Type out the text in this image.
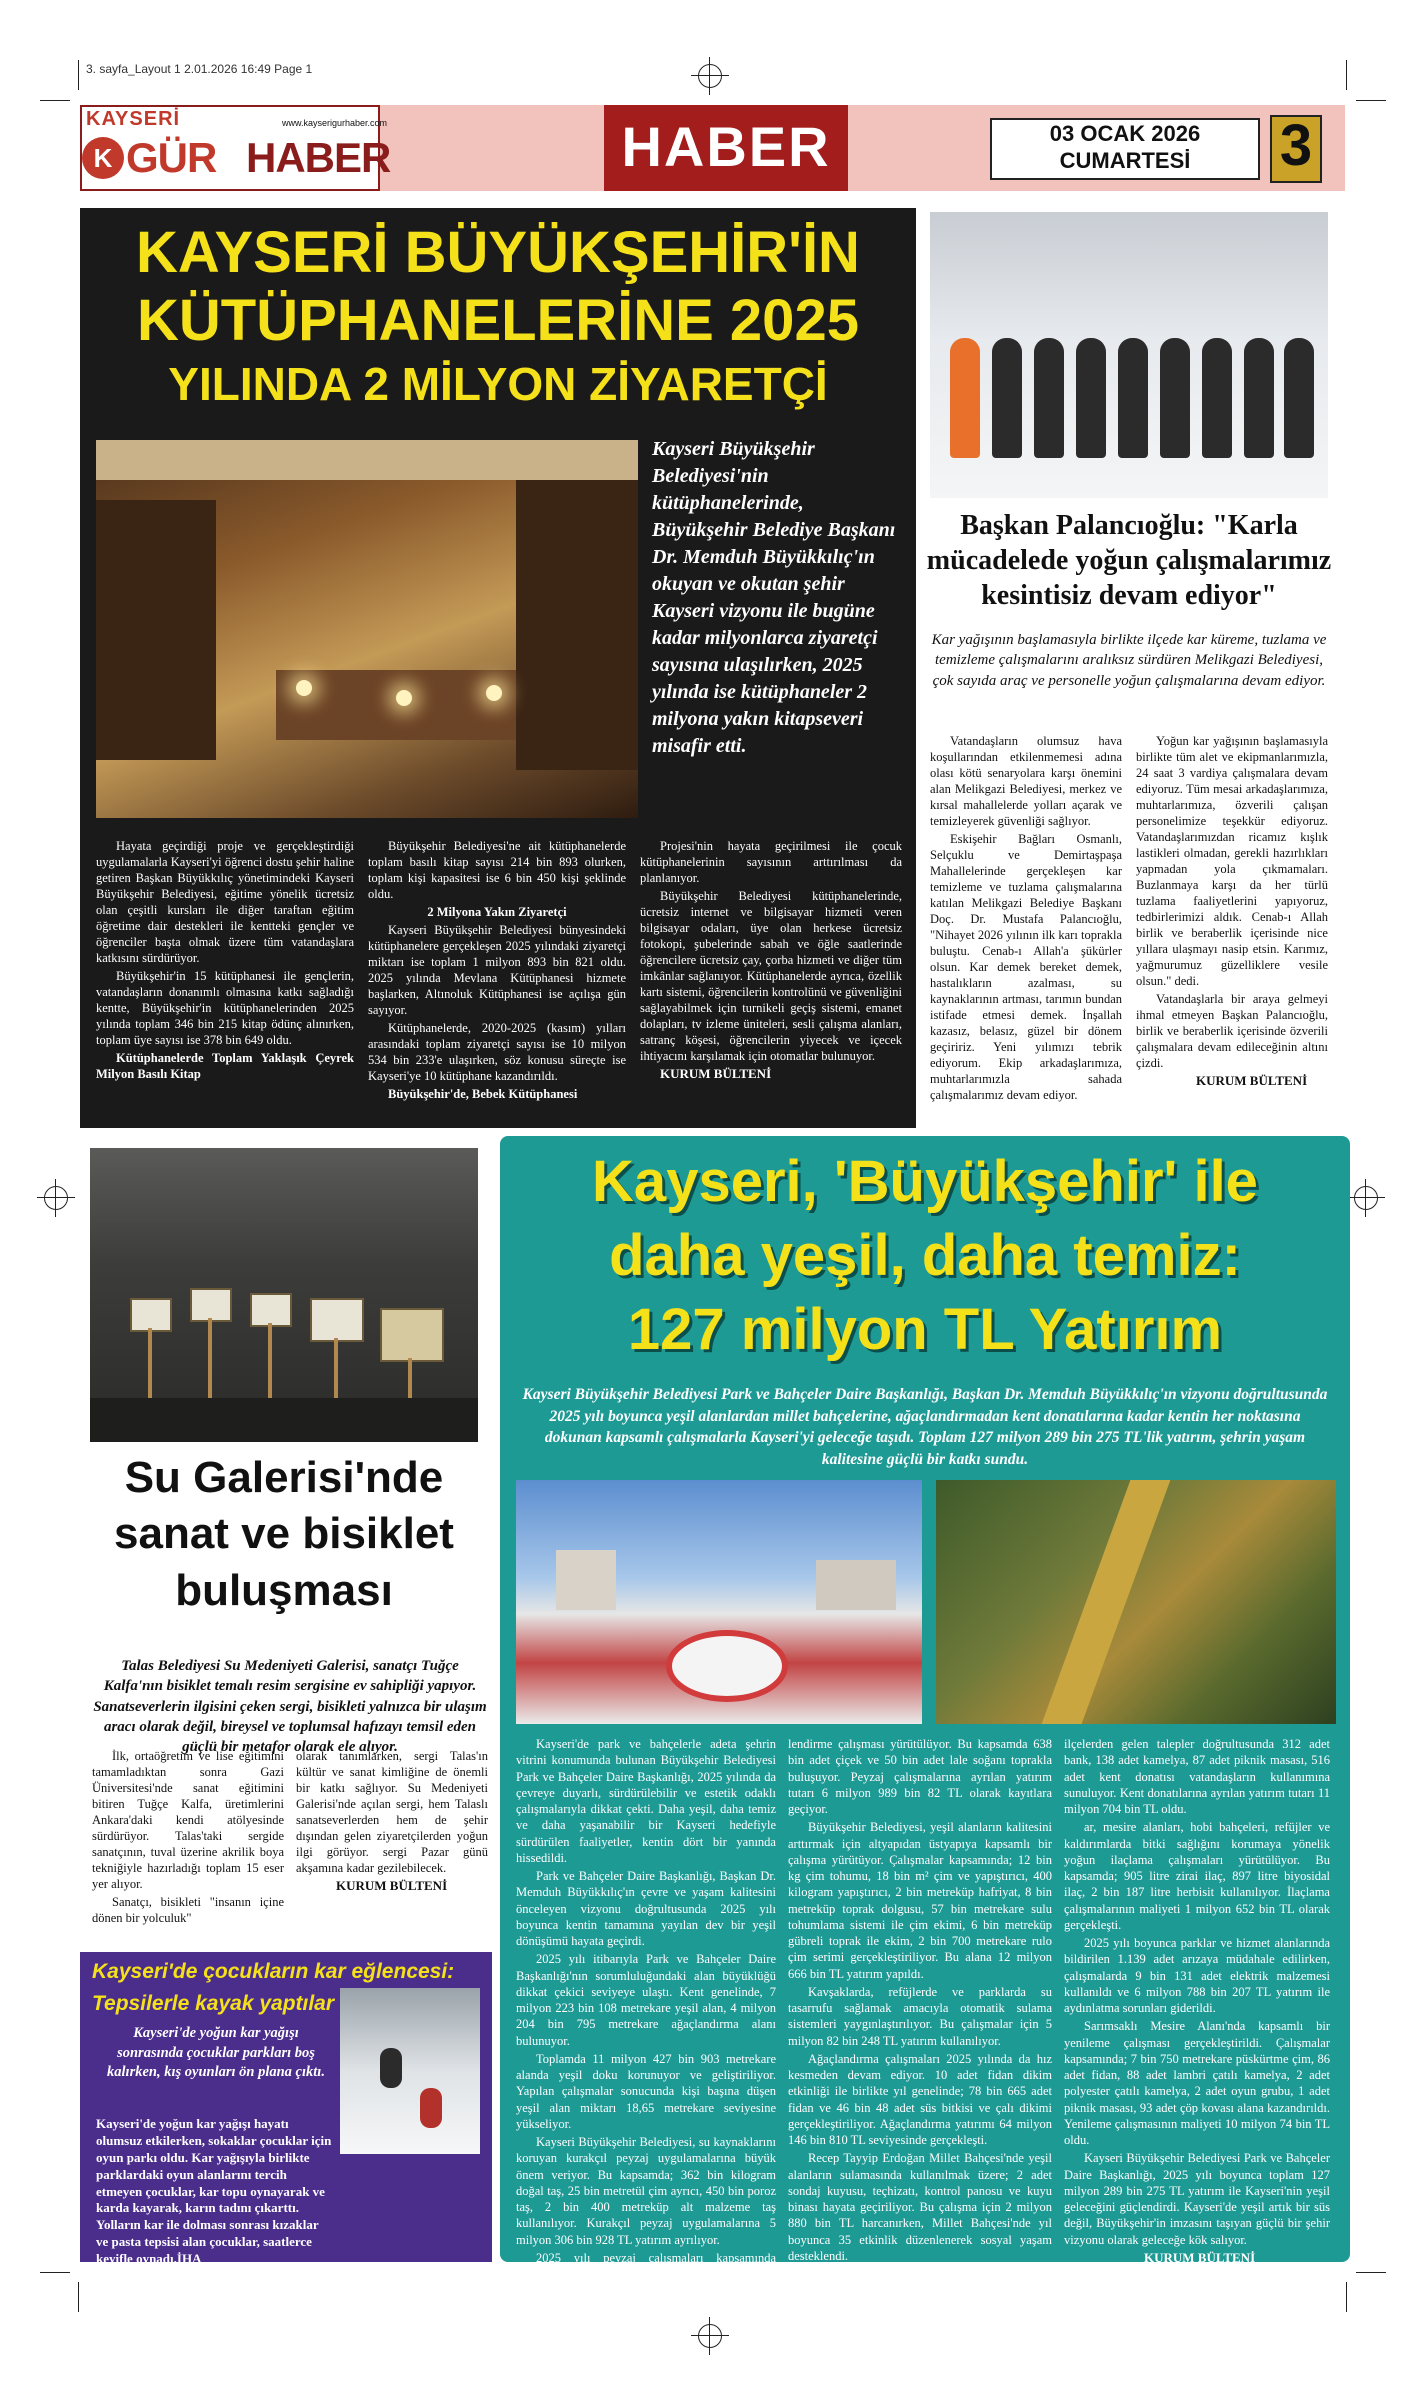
3. sayfa_Layout 1 2.01.2026 16:49 Page 1
KAYSERİ	www.kayserigurhaber.com
K GÜR HABER	HABER	03 OCAK 2026
CUMARTESİ	3
KAYSERİ BÜYÜKŞEHİR'İN
KÜTÜPHANELERİNE 2025
YILINDA 2 MİLYON ZİYARETÇİ
Kayseri Büyükşehir Belediyesi'nin kütüphanelerinde, Büyükşehir Belediye Başkanı Dr. Memduh Büyükkılıç'ın okuyan ve okutan şehir Kayseri vizyonu ile bugüne kadar milyonlarca ziyaretçi sayısına ulaşılırken, 2025 yılında ise kütüphaneler 2 milyona yakın kitapseveri misafir etti.

Hayata geçirdiği proje ve gerçekleştirdiği uygulamalarla Kayseri'yi öğrenci dostu şehir haline getiren Başkan Büyükkılıç yönetimindeki Kayseri Büyükşehir Belediyesi, eğitime yönelik ücretsiz olan çeşitli kursları ile diğer taraftan eğitim öğretime dair destekleri ile kentteki gençler ve öğrenciler başta olmak üzere tüm vatandaşlara katkısını sürdürüyor.

Büyükşehir'in 15 kütüphanesi ile gençlerin, vatandaşların donanımlı olmasına katkı sağladığı kentte, Büyükşehir'in kütüphanelerinden 2025 yılında toplam 346 bin 215 kitap ödünç alınırken, toplam üye sayısı ise 378 bin 649 oldu.

Kütüphanelerde Toplam Yaklaşık Çeyrek Milyon Basılı Kitap

Büyükşehir Belediyesi'ne ait kütüphanelerde toplam basılı kitap sayısı 214 bin 893 olurken, toplam kişi kapasitesi ise 6 bin 450 kişi şeklinde oldu.

2 Milyona Yakın Ziyaretçi

Kayseri Büyükşehir Belediyesi bünyesindeki kütüphanelere gerçekleşen 2025 yılındaki ziyaretçi miktarı ise toplam 1 milyon 893 bin 821 oldu. 2025 yılında Mevlana Kütüphanesi hizmete başlarken, Altınoluk Kütüphanesi ise açılışa gün sayıyor.

Kütüphanelerde, 2020-2025 (kasım) yılları arasındaki toplam ziyaretçi sayısı ise 10 milyon 534 bin 233'e ulaşırken, söz konusu süreçte ise Kayseri'ye 10 kütüphane kazandırıldı.

Büyükşehir'de, Bebek Kütüphanesi

Projesi'nin hayata geçirilmesi ile çocuk kütüphanelerinin sayısının arttırılması da planlanıyor.

Büyükşehir Belediyesi kütüphanelerinde, ücretsiz internet ve bilgisayar hizmeti veren bilgisayar odaları, üye olan herkese ücretsiz fotokopi, şubelerinde sabah ve öğle saatlerinde öğrencilere ücretsiz çay, çorba hizmeti ve diğer tüm imkânlar sağlanıyor. Kütüphanelerde ayrıca, özellik kartı sistemi, öğrencilerin kontrolünü ve güvenliğini sağlayabilmek için turnikeli geçiş sistemi, emanet dolapları, tv izleme üniteleri, sesli çalışma alanları, satranç köşesi, öğrencilerin yiyecek ve içecek ihtiyacını karşılamak için otomatlar bulunuyor.

KURUM BÜLTENİ

Başkan Palancıoğlu: "Karla mücadelede yoğun çalışmalarımız kesintisiz devam ediyor"
Kar yağışının başlamasıyla birlikte ilçede kar küreme, tuzlama ve temizleme çalışmalarını aralıksız sürdüren Melikgazi Belediyesi, çok sayıda araç ve personelle yoğun çalışmalarına devam ediyor.

Vatandaşların olumsuz hava koşullarından etkilenmemesi adına olası kötü senaryolara karşı önemini alan Melikgazi Belediyesi, merkez ve kırsal mahallelerde yolları açarak ve temizleyerek güvenliği sağlıyor.

Eskişehir Bağları Osmanlı, Selçuklu ve Demirtaşpaşa Mahallelerinde gerçekleşen kar temizleme ve tuzlama çalışmalarına katılan Melikgazi Belediye Başkanı Doç. Dr. Mustafa Palancıoğlu, "Nihayet 2026 yılının ilk karı toprakla buluştu. Cenab-ı Allah'a şükürler olsun. Kar demek bereket demek, hastalıkların azalması, su kaynaklarının artması, tarımın bundan istifade etmesi demek. İnşallah kazasız, belasız, güzel bir dönem geçiririz. Yeni yılımızı tebrik ediyorum. Ekip arkadaşlarımıza, muhtarlarımızla sahada çalışmalarımız devam ediyor.

Yoğun kar yağışının başlamasıyla birlikte tüm alet ve ekipmanlarımızla, 24 saat 3 vardiya çalışmalara devam ediyoruz. Tüm mesai arkadaşlarımıza, muhtarlarımıza, özverili çalışan personelimize teşekkür ediyoruz. Vatandaşlarımızdan ricamız kışlık lastikleri olmadan, gerekli hazırlıkları yapmadan yola çıkmamaları. Buzlanmaya karşı da her türlü tuzlama faaliyetlerini yapıyoruz, tedbirlerimizi aldık. Cenab-ı Allah birlik ve beraberlik içerisinde nice yıllara ulaşmayı nasip etsin. Karımız, yağmurumuz güzelliklere vesile olsun." dedi.

Vatandaşlarla bir araya gelmeyi ihmal etmeyen Başkan Palancıoğlu, birlik ve beraberlik içerisinde özverili çalışmalara devam edileceğinin altını çizdi.

KURUM BÜLTENİ

Su Galerisi'nde
sanat ve bisiklet
buluşması
Talas Belediyesi Su Medeniyeti Galerisi, sanatçı Tuğçe Kalfa'nın bisiklet temalı resim sergisine ev sahipliği yapıyor. Sanatseverlerin ilgisini çeken sergi, bisikleti yalnızca bir ulaşım aracı olarak değil, bireysel ve toplumsal hafızayı temsil eden güçlü bir metafor olarak ele alıyor.

İlk, ortaöğretim ve lise eğitimini tamamladıktan sonra Gazi Üniversitesi'nde sanat eğitimini bitiren Tuğçe Kalfa, üretimlerini Ankara'daki kendi atölyesinde sürdürüyor. Talas'taki sergide sanatçının, tuval üzerine akrilik boya tekniğiyle hazırladığı toplam 15 eser yer alıyor.

Sanatçı, bisikleti "insanın içine dönen bir yolculuk"

olarak tanımlarken, sergi Talas'ın kültür ve sanat kimliğine de önemli bir katkı sağlıyor. Su Medeniyeti Galerisi'nde açılan sergi, hem Talaslı sanatseverlerden hem de şehir dışından gelen ziyaretçilerden yoğun ilgi görüyor. sergi Pazar günü akşamına kadar gezilebilecek.

KURUM BÜLTENİ

Kayseri'de çocukların kar eğlencesi:
Tepsilerle kayak yaptılar
Kayseri'de yoğun kar yağışı sonrasında çocuklar parkları boş kalırken, kış oyunları ön plana çıktı.
Kayseri'de yoğun kar yağışı hayatı olumsuz etkilerken, sokaklar çocuklar için oyun parkı oldu. Kar yağışıyla birlikte parklardaki oyun alanlarını tercih etmeyen çocuklar, kar topu oynayarak ve karda kayarak, karın tadını çıkarttı. Yolların kar ile dolması sonrası kızaklar ve pasta tepsisi alan çocuklar, saatlerce keyifle oynadı.İHA
Kayseri, 'Büyükşehir' ile
daha yeşil, daha temiz:
127 milyon TL Yatırım
Kayseri Büyükşehir Belediyesi Park ve Bahçeler Daire Başkanlığı, Başkan Dr. Memduh Büyükkılıç'ın vizyonu doğrultusunda 2025 yılı boyunca yeşil alanlardan millet bahçelerine, ağaçlandırmadan kent donatılarına kadar kentin her noktasına dokunan kapsamlı çalışmalarla Kayseri'yi geleceğe taşıdı. Toplam 127 milyon 289 bin 275 TL'lik yatırım, şehrin yaşam kalitesine güçlü bir katkı sundu.

Kayseri'de park ve bahçelerle adeta şehrin vitrini konumunda bulunan Büyükşehir Belediyesi Park ve Bahçeler Daire Başkanlığı, 2025 yılında da çevreye duyarlı, sürdürülebilir ve estetik odaklı çalışmalarıyla dikkat çekti. Daha yeşil, daha temiz ve daha yaşanabilir bir Kayseri hedefiyle sürdürülen faaliyetler, kentin dört bir yanında hissedildi.

Park ve Bahçeler Daire Başkanlığı, Başkan Dr. Memduh Büyükkılıç'ın çevre ve yaşam kalitesini önceleyen vizyonu doğrultusunda 2025 yılı boyunca kentin tamamına yayılan dev bir yeşil dönüşümü hayata geçirdi.

2025 yılı itibarıyla Park ve Bahçeler Daire Başkanlığı'nın sorumluluğundaki alan büyüklüğü dikkat çekici seviyeye ulaştı. Kent genelinde, 7 milyon 223 bin 108 metrekare yeşil alan, 4 milyon 204 bin 795 metrekare ağaçlandırma alanı bulunuyor.

Toplamda 11 milyon 427 bin 903 metrekare alanda yeşil doku korunuyor ve geliştiriliyor. Yapılan çalışmalar sonucunda kişi başına düşen yeşil alan miktarı 18,65 metrekare seviyesine yükseliyor.

Kayseri Büyükşehir Belediyesi, su kaynaklarını koruyan kurakçıl peyzaj uygulamalarına büyük önem veriyor. Bu kapsamda; 362 bin kilogram doğal taş, 25 bin metretül çim ayrıcı, 450 bin poroz taş, 2 bin 400 metreküp alt malzeme taş kullanılıyor. Kurakçıl peyzaj uygulamalarına 5 milyon 306 bin 928 TL yatırım ayrılıyor.

2025 yılı peyzaj çalışmaları kapsamında Kayseri'nin dört bir yanında yoğun bir çiçek-

lendirme çalışması yürütülüyor. Bu kapsamda 638 bin adet çiçek ve 50 bin adet lale soğanı toprakla buluşuyor. Peyzaj çalışmalarına ayrılan yatırım tutarı 6 milyon 989 bin 82 TL olarak kayıtlara geçiyor.

Büyükşehir Belediyesi, yeşil alanların kalitesini arttırmak için altyapıdan üstyapıya kapsamlı bir çalışma yürütüyor. Çalışmalar kapsamında; 12 bin kg çim tohumu, 18 bin m² çim ve yapıştırıcı, 400 kilogram yapıştırıcı, 2 bin metreküp hafriyat, 8 bin metreküp toprak dolgusu, 57 bin metrekare sulu tohumlama sistemi ile çim ekimi, 6 bin metreküp gübreli toprak ile ekim, 2 bin 700 metrekare rulo çim serimi gerçekleştiriliyor. Bu alana 12 milyon 666 bin TL yatırım yapıldı.

Kavşaklarda, refüjlerde ve parklarda su tasarrufu sağlamak amacıyla otomatik sulama sistemleri yaygınlaştırılıyor. Bu çalışmalar için 5 milyon 82 bin 248 TL yatırım kullanılıyor.

Ağaçlandırma çalışmaları 2025 yılında da hız kesmeden devam ediyor. 10 adet fidan dikim etkinliği ile birlikte yıl genelinde; 78 bin 665 adet fidan ve 46 bin 48 adet süs bitkisi ve çalı dikimi gerçekleştiriliyor. Ağaçlandırma yatırımı 64 milyon 146 bin 810 TL seviyesinde gerçekleşti.

Recep Tayyip Erdoğan Millet Bahçesi'nde yeşil alanların sulamasında kullanılmak üzere; 2 adet sondaj kuyusu, teçhizatı, kontrol panosu ve kuyu binası hayata geçiriliyor. Bu çalışma için 2 milyon 880 bin TL harcanırken, Millet Bahçesi'nde yıl boyunca 35 etkinlik düzenlenerek sosyal yaşam desteklendi.

Parklar, mesire alanları, kamu kurumları ve

ilçelerden gelen talepler doğrultusunda 312 adet bank, 138 adet kamelya, 87 adet piknik masası, 516 adet kent donatısı vatandaşların kullanımına sunuluyor. Kent donatılarına ayrılan yatırım tutarı 11 milyon 704 bin TL oldu.

ar, mesire alanları, hobi bahçeleri, refüjler ve kaldırımlarda bitki sağlığını korumaya yönelik yoğun ilaçlama çalışmaları yürütülüyor. Bu kapsamda; 905 litre zirai ilaç, 897 litre biyosidal ilaç, 2 bin 187 litre herbisit kullanılıyor. İlaçlama çalışmalarının maliyeti 1 milyon 652 bin TL olarak gerçekleşti.

2025 yılı boyunca parklar ve hizmet alanlarında bildirilen 1.139 adet arızaya müdahale edilirken, çalışmalarda 9 bin 131 adet elektrik malzemesi kullanıldı ve 6 milyon 788 bin 207 TL yatırım ile aydınlatma sorunları giderildi.

Sarımsaklı Mesire Alanı'nda kapsamlı bir yenileme çalışması gerçekleştirildi. Çalışmalar kapsamında; 7 bin 750 metrekare püskürtme çim, 86 adet fidan, 88 adet lambri çatılı kamelya, 2 adet polyester çatılı kamelya, 2 adet oyun grubu, 1 adet piknik masası, 93 adet çöp kovası alana kazandırıldı. Yenileme çalışmasının maliyeti 10 milyon 74 bin TL oldu.

Kayseri Büyükşehir Belediyesi Park ve Bahçeler Daire Başkanlığı, 2025 yılı boyunca toplam 127 milyon 289 bin 275 TL yatırım ile Kayseri'nin yeşil geleceğini güçlendirdi. Kayseri'de yeşil artık bir süs değil, Büyükşehir'in imzasını taşıyan güçlü bir şehir vizyonu olarak geleceğe kök salıyor.

KURUM BÜLTENİ
